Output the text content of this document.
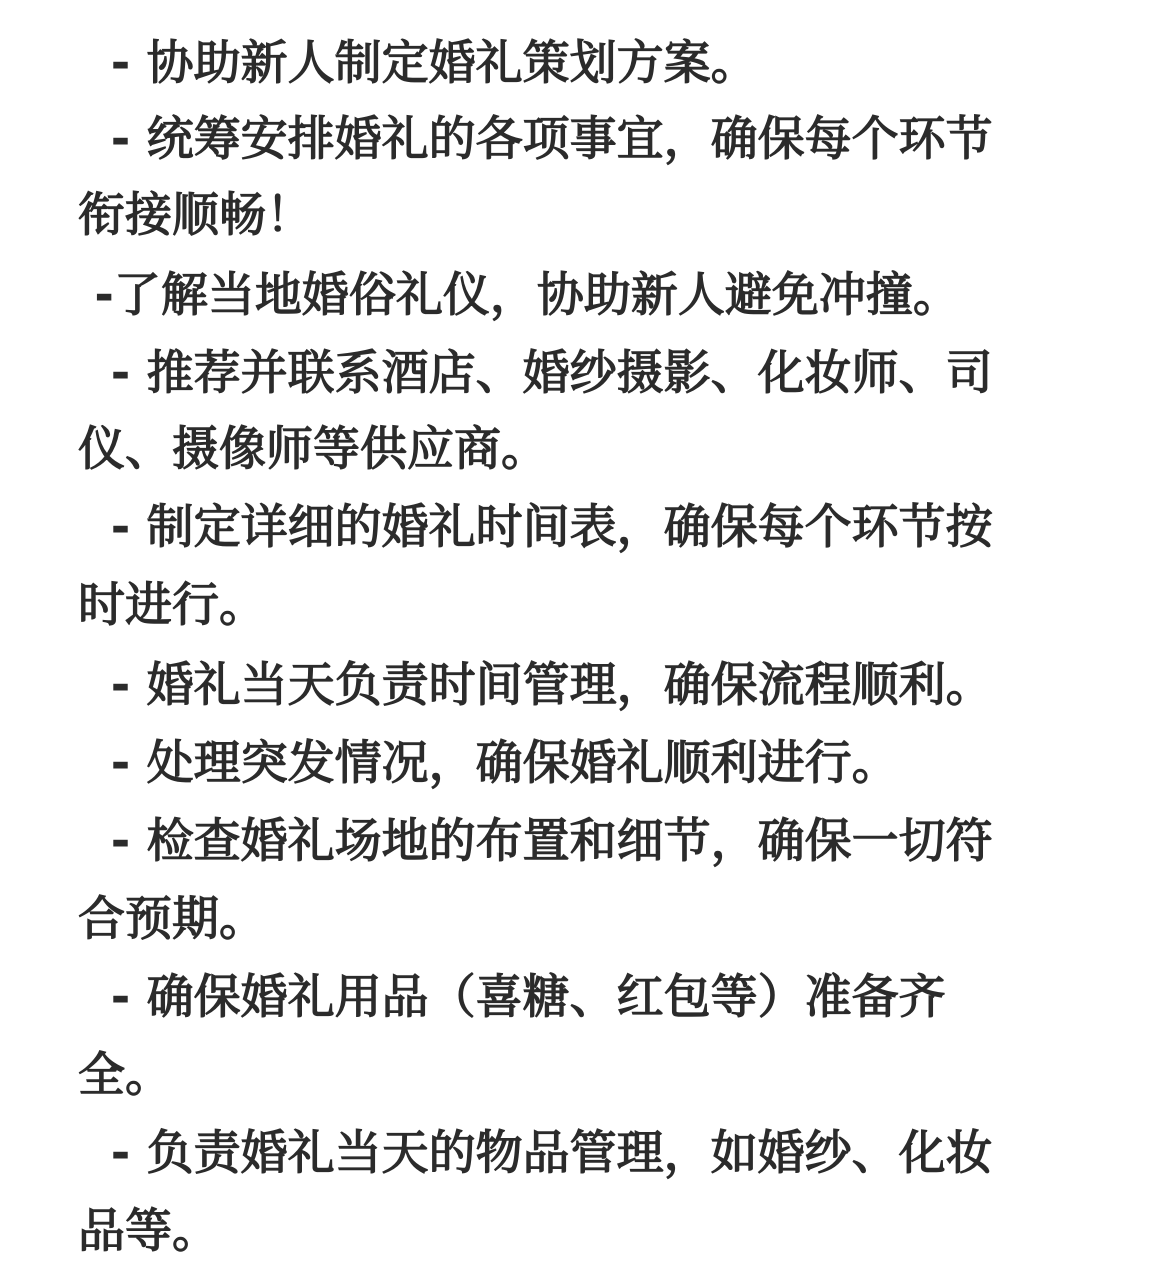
- 协助新人制定婚礼策划方案。
- 统筹安排婚礼的各项事宜，确保每个环节
衔接顺畅！
-了解当地婚俗礼仪，协助新人避免冲撞。
- 推荐并联系酒店、婚纱摄影、化妆师、司
仪、摄像师等供应商。
- 制定详细的婚礼时间表，确保每个环节按
时进行。
- 婚礼当天负责时间管理，确保流程顺利。
- 处理突发情况，确保婚礼顺利进行。
- 检查婚礼场地的布置和细节，确保一切符
合预期。
- 确保婚礼用品（喜糖、红包等）准备齐
全。
- 负责婚礼当天的物品管理，如婚纱、化妆
品等。
